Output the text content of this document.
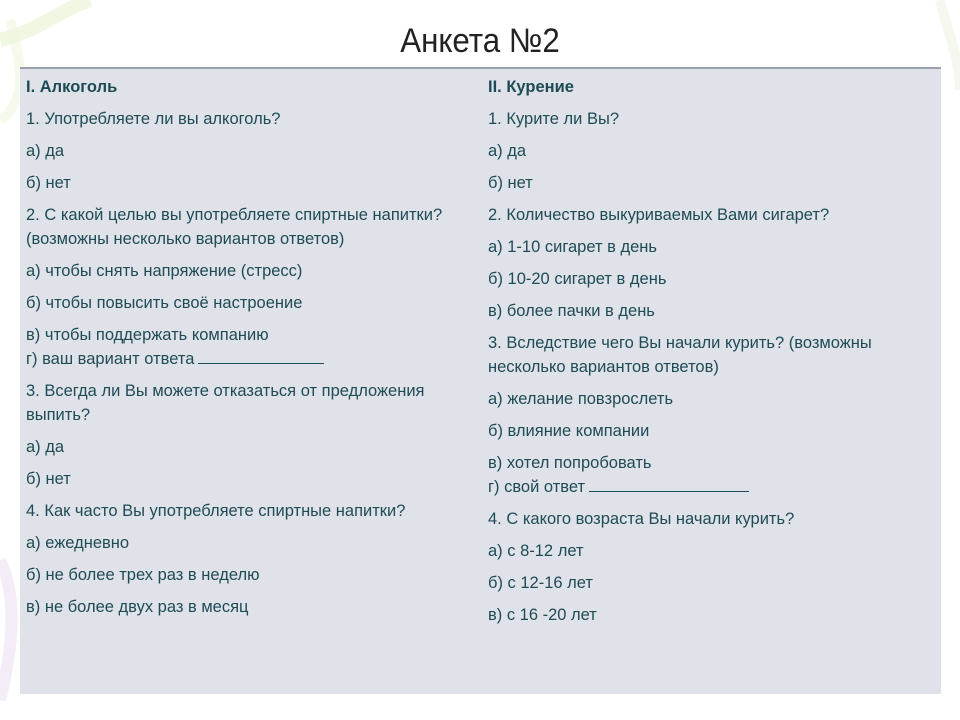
Анкета №2
I. Алкоголь
1. Употребляете ли вы алкоголь?
а) да
б) нет
2. С какой целью вы употребляете спиртные напитки? (возможны несколько вариантов ответов)
а) чтобы снять напряжение (стресс)
б) чтобы повысить своё настроение
в) чтобы поддержать компанию
г) ваш вариант ответа
3. Всегда ли Вы можете отказаться от предложения выпить?
а) да
б) нет
4. Как часто Вы употребляете спиртные напитки?
а) ежедневно
б) не более трех раз в неделю
в) не более двух раз в месяц
II. Курение
1. Курите ли Вы?
а) да
б) нет
2. Количество выкуриваемых Вами сигарет?
а) 1-10 сигарет в день
б) 10-20 сигарет в день
в) более пачки в день
3. Вследствие чего Вы начали курить? (возможны несколько вариантов ответов)
а) желание повзрослеть
б) влияние компании
в) хотел попробовать
г) свой ответ
4. С какого возраста Вы начали курить?
а) с 8-12 лет
б) с 12-16 лет
в) с 16 -20 лет
